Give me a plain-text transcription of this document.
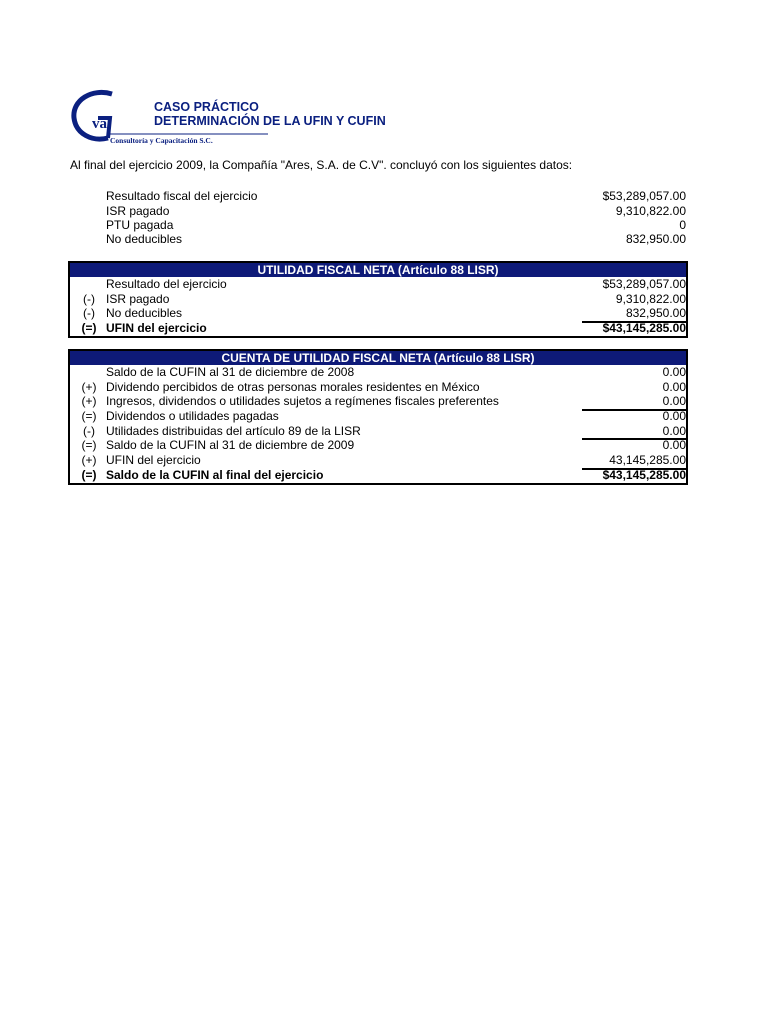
va
CASO PRÁCTICO
DETERMINACIÓN DE LA UFIN Y CUFIN
Consultoría y Capacitación S.C.
Al final del ejercicio 2009, la Compañía "Ares, S.A. de C.V". concluyó con los siguientes datos:
Resultado fiscal del ejercicio	$53,289,057.00
ISR pagado	9,310,822.00
PTU pagada	0
No deducibles	832,950.00
UTILIDAD FISCAL NETA (Artículo 88 LISR)
Resultado del ejercicio	$53,289,057.00
(-) ISR pagado	9,310,822.00
(-) No deducibles	832,950.00
(=) UFIN del ejercicio	$43,145,285.00
CUENTA DE UTILIDAD FISCAL NETA (Artículo 88 LISR)
Saldo de la CUFIN al 31 de diciembre de 2008	0.00
(+) Dividendo percibidos de otras personas morales residentes en México	0.00
(+) Ingresos, dividendos o utilidades sujetos a regímenes fiscales preferentes	0.00
(=) Dividendos o utilidades pagadas	0.00
(-) Utilidades distribuidas del artículo 89 de la LISR	0.00
(=) Saldo de la CUFIN al 31 de diciembre de 2009	0.00
(+) UFIN del ejercicio	43,145,285.00
(=) Saldo de la CUFIN al final del ejercicio	$43,145,285.00
